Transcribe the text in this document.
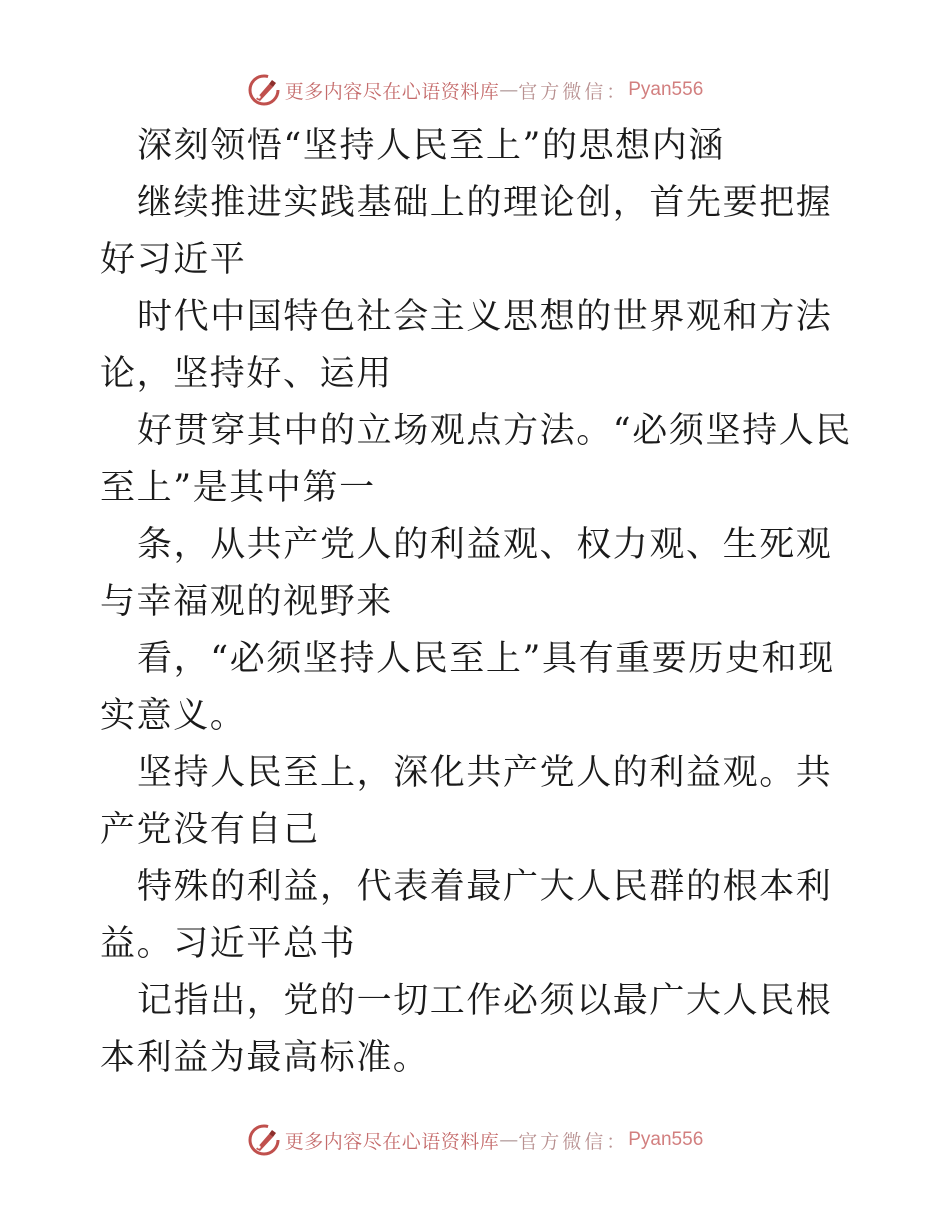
更多内容尽在心语资料库 — 官方微信： Pyan556

深刻领悟“坚持人民至上”的思想内涵

继续推进实践基础上的理论创，首先要把握好习近平

时代中国特色社会主义思想的世界观和方法论，坚持好、运用

好贯穿其中的立场观点方法。“必须坚持人民至上”是其中第一

条，从共产党人的利益观、权力观、生死观与幸福观的视野来

看，“必须坚持人民至上”具有重要历史和现实意义。

坚持人民至上，深化共产党人的利益观。共产党没有自己

特殊的利益，代表着最广大人民群的根本利益。习近平总书

记指出，党的一切工作必须以最广大人民根本利益为最高标准。

更多内容尽在心语资料库 — 官方微信： Pyan556
